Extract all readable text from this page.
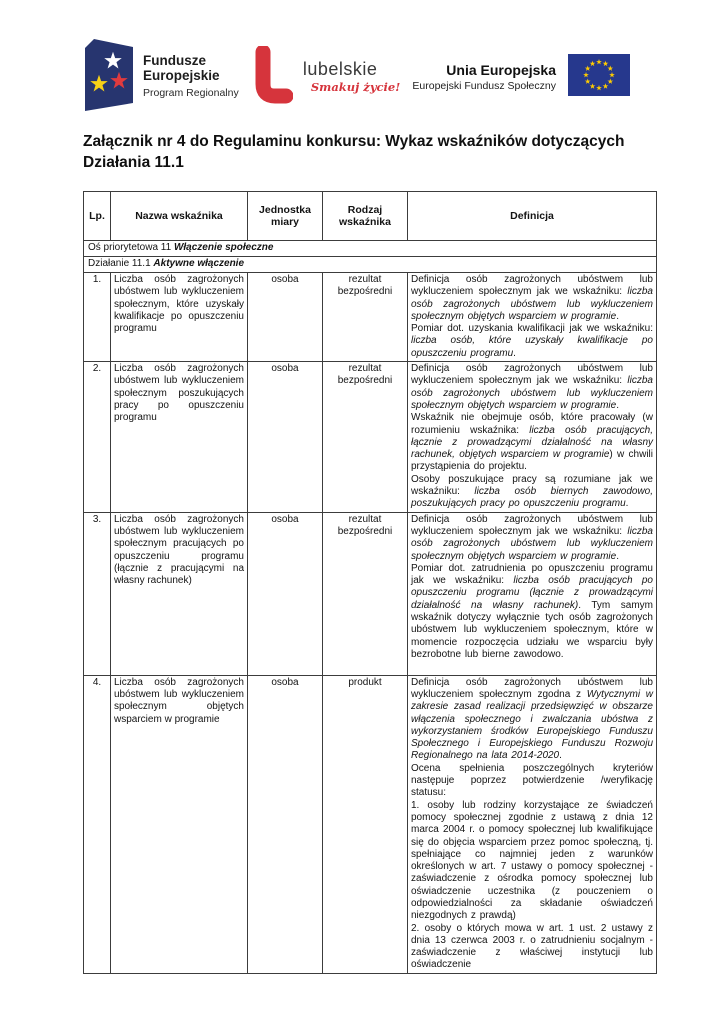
Fundusze
Europejskie
Program Regionalny
lubelskie
Smakuj życie!
Unia Europejska
Europejski Fundusz Społeczny
Załącznik nr 4 do Regulaminu konkursu: Wykaz wskaźników dotyczących
Działania 11.1
Lp.	Nazwa wskaźnika	Jednostka miary	Rodzaj wskaźnika	Definicja
Oś priorytetowa 11 Włączenie społeczne				
Działanie 11.1 Aktywne włączenie				
1.	Liczba osób zagrożonych ubóstwem lub wykluczeniem społecznym, które uzyskały kwalifikacje po opuszczeniu programu	osoba	rezultat bezpośredni	Definicja osób zagrożonych ubóstwem lub wykluczeniem społecznym jak we wskaźniku: liczba osób zagrożonych ubóstwem lub wykluczeniem społecznym objętych wsparciem w programie.
Pomiar dot. uzyskania kwalifikacji jak we wskaźniku: liczba osób, które uzyskały kwalifikacje po opuszczeniu programu.

2.	Liczba osób zagrożonych ubóstwem lub wykluczeniem społecznym poszukujących pracy po opuszczeniu programu	osoba	rezultat bezpośredni	Definicja osób zagrożonych ubóstwem lub wykluczeniem społecznym jak we wskaźniku: liczba osób zagrożonych ubóstwem lub wykluczeniem społecznym objętych wsparciem w programie.
Wskaźnik nie obejmuje osób, które pracowały (w rozumieniu wskaźnika: liczba osób pracujących, łącznie z prowadzącymi działalność na własny rachunek, objętych wsparciem w programie) w chwili przystąpienia do projektu.
Osoby poszukujące pracy są rozumiane jak we wskaźniku: liczba osób biernych zawodowo, poszukujących pracy po opuszczeniu programu.

3.	Liczba osób zagrożonych ubóstwem lub wykluczeniem społecznym pracujących po opuszczeniu programu (łącznie z pracującymi na własny rachunek)	osoba	rezultat bezpośredni	Definicja osób zagrożonych ubóstwem lub wykluczeniem społecznym jak we wskaźniku: liczba osób zagrożonych ubóstwem lub wykluczeniem społecznym objętych wsparciem w programie.
Pomiar dot. zatrudnienia po opuszczeniu programu jak we wskaźniku: liczba osób pracujących po opuszczeniu programu (łącznie z prowadzącymi działalność na własny rachunek). Tym samym wskaźnik dotyczy wyłącznie tych osób zagrożonych ubóstwem lub wykluczeniem społecznym, które w momencie rozpoczęcia udziału we wsparciu były bezrobotne lub bierne zawodowo.

4.	Liczba osób zagrożonych ubóstwem lub wykluczeniem społecznym objętych wsparciem w programie	osoba	produkt	Definicja osób zagrożonych ubóstwem lub wykluczeniem społecznym zgodna z Wytycznymi w zakresie zasad realizacji przedsięwzięć w obszarze włączenia społecznego i zwalczania ubóstwa z wykorzystaniem środków Europejskiego Funduszu Społecznego i Europejskiego Funduszu Rozwoju Regionalnego na lata 2014-2020.
Ocena spełnienia poszczególnych kryteriów następuje poprzez potwierdzenie /weryfikację statusu:
1. osoby lub rodziny korzystające ze świadczeń pomocy społecznej zgodnie z ustawą z dnia 12 marca 2004 r. o pomocy społecznej lub kwalifikujące się do objęcia wsparciem przez pomoc społeczną, tj. spełniające co najmniej jeden z warunków określonych w art. 7 ustawy o pomocy społecznej - zaświadczenie z ośrodka pomocy społecznej lub oświadczenie uczestnika (z pouczeniem o odpowiedzialności za składanie oświadczeń niezgodnych z prawdą)
2. osoby o których mowa w art. 1 ust. 2 ustawy z dnia 13 czerwca 2003 r. o zatrudnieniu socjalnym - zaświadczenie z właściwej instytucji lub oświadczenie
